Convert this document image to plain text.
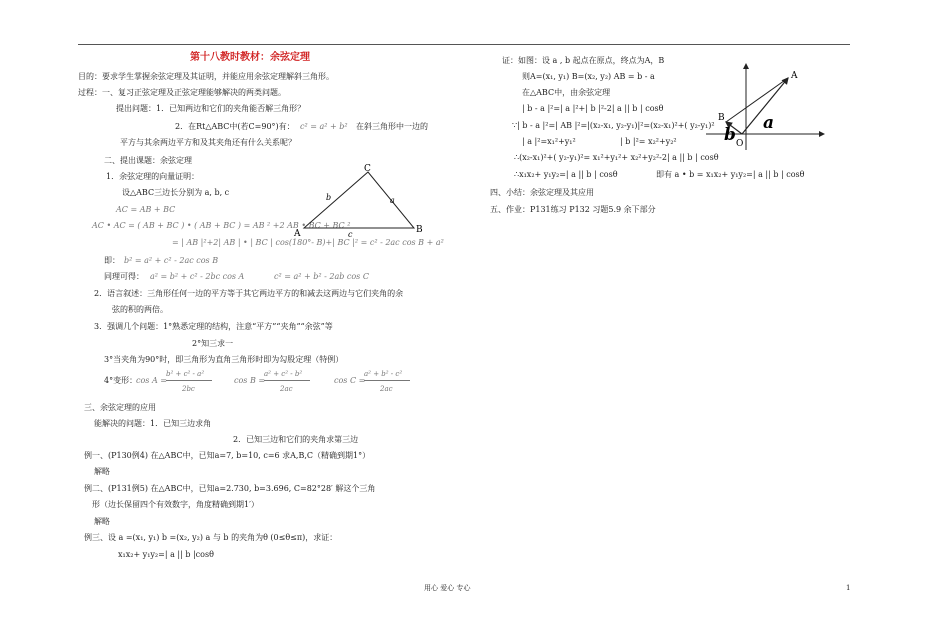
第十八教时教材：余弦定理
目的：要求学生掌握余弦定理及其证明，并能应用余弦定理解斜三角形。
过程：一、复习正弦定理及正弦定理能够解决的两类问题。
提出问题：1．已知两边和它们的夹角能否解三角形？
2．在Rt△ABC中(若C=90°)有： c² = a² + b² 在斜三角形中一边的
平方与其余两边平方和及其夹角还有什么关系呢？
二、提出课题：余弦定理
1．余弦定理的向量证明：
设△ABC三边长分别为 a, b, c
AC = AB + BC
AC • AC = ( AB + BC ) • ( AB + BC ) = AB ² +2 AB • BC + BC ²
= | AB |²+2| AB | • | BC | cos(180°- B)+| BC |² = c² - 2ac cos B + a²
即： b² = a² + c² - 2ac cos B
同理可得： a² = b² + c² - 2bc cos A	c² = a² + b² - 2ab cos C
2．语言叙述：三角形任何一边的平方等于其它两边平方的和减去这两边与它们夹角的余
弦的积的两倍。
3．强调几个问题：1°熟悉定理的结构，注意“平方”“夹角”“余弦”等
2°知三求一
3°当夹角为90°时，即三角形为直角三角形时即为勾股定理（特例）
4°变形：
cos A =
b² + c² - a²
2bc
cos B =
a² + c² - b²
2ac
cos C =
a² + b² - c²
2ac
三、余弦定理的应用
能解决的问题：1．已知三边求角
2．已知三边和它们的夹角求第三边
例一、(P130例4) 在△ABC中，已知a=7, b=10, c=6 求A,B,C（精确到期1°）
解略
例二、(P131例5) 在△ABC中，已知a=2.730, b=3.696, C=82°28′ 解这个三角
形（边长保留四个有效数字，角度精确到期1′）
解略
例三、设 a =(x₁, y₁) b =(x₂, y₂) a 与 b 的夹角为θ (0≤θ≤π)，求证：
x₁x₂+ y₁y₂=| a || b |cosθ
A
C
B
b	a
c
证：如图：设 a , b 起点在原点，终点为A，B
则A=(x₁, y₁) B=(x₂, y₂) AB = b - a
在△ABC中，由余弦定理
| b - a |²=| a |²+| b |²-2| a || b | cosθ
∵| b - a |²=| AB |²=|(x₂-x₁, y₂-y₁)|²=(x₂-x₁)²+( y₂-y₁)²
| a |²=x₁²+y₁²	| b |²= x₂²+y₂²
∴(x₂-x₁)²+( y₂-y₁)²= x₁²+y₁²+ x₂²+y₂²-2| a || b | cosθ
∴x₁x₂+ y₁y₂=| a || b | cosθ	即有 a • b = x₁x₂+ y₁y₂=| a || b | cosθ
四、小结：余弦定理及其应用
五、作业：P131练习 P132 习题5.9 余下部分
A
B
O
a
b
用心 爱心 专心	1
